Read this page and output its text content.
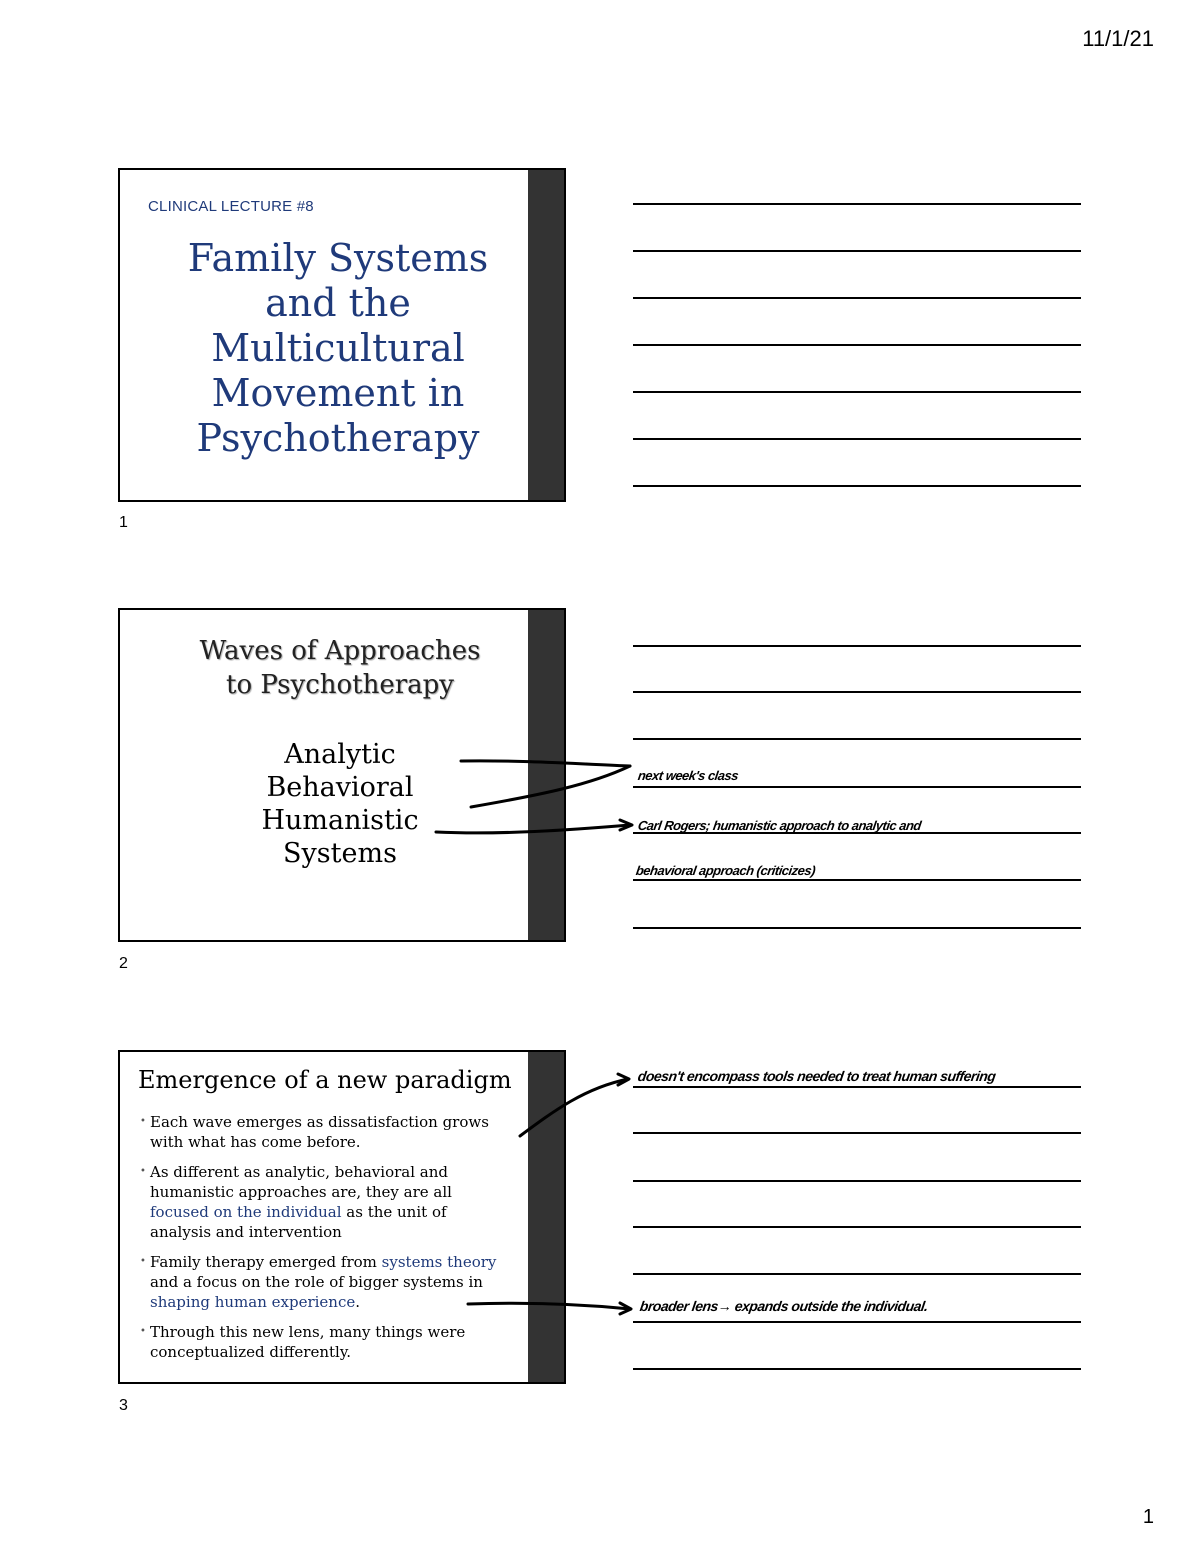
11/1/21
1
CLINICAL LECTURE #8
Family Systems
and the
Multicultural
Movement in
Psychotherapy
1
Waves of Approaches
to Psychotherapy
Analytic
Behavioral
Humanistic
Systems
2
next week's class
Carl Rogers; humanistic approach to analytic and
behavioral approach (criticizes)
Emergence of a new paradigm
• Each wave emerges as dissatisfaction grows with what has come before.
• As different as analytic, behavioral and humanistic approaches are, they are all focused on the individual as the unit of analysis and intervention
• Family therapy emerged from systems theory and a focus on the role of bigger systems in shaping human experience.
• Through this new lens, many things were conceptualized differently.
3
doesn't encompass tools needed to treat human suffering
broader lens→ expands outside the individual.
